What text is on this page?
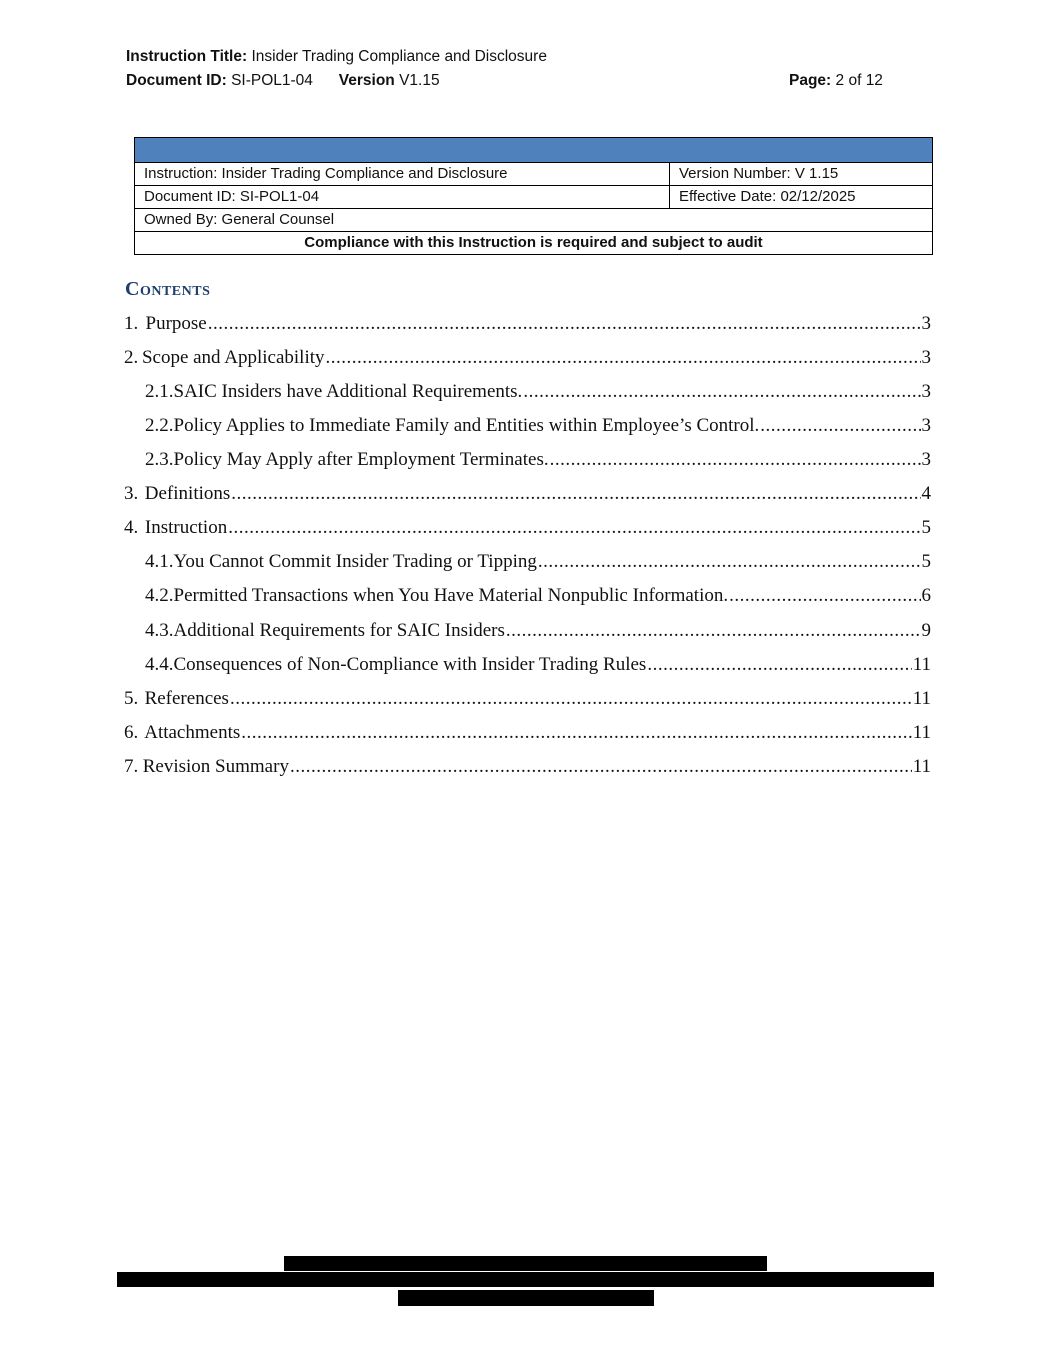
Instruction Title: Insider Trading Compliance and Disclosure
Document ID: SI-POL1-04 Version V1.15	Page: 2 of 12

Instruction: Insider Trading Compliance and Disclosure	Version Number: V 1.15
Document ID: SI-POL1-04	Effective Date: 02/12/2025
Owned By: General Counsel	
Compliance with this Instruction is required and subject to audit	
Contents
1. Purpose .....	3
2. Scope and Applicability .....	3
2.1. SAIC Insiders have Additional Requirements. .....	3
2.2. Policy Applies to Immediate Family and Entities within Employee’s Control. .....	3
2.3. Policy May Apply after Employment Terminates. .....	3
3. Definitions .....	4
4. Instruction .....	5
4.1. You Cannot Commit Insider Trading or Tipping .....	5
4.2. Permitted Transactions when You Have Material Nonpublic Information. .....	6
4.3. Additional Requirements for SAIC Insiders .....	9
4.4. Consequences of Non-Compliance with Insider Trading Rules .....	11
5. References .....	11
6. Attachments .....	11
7. Revision Summary .....	11
